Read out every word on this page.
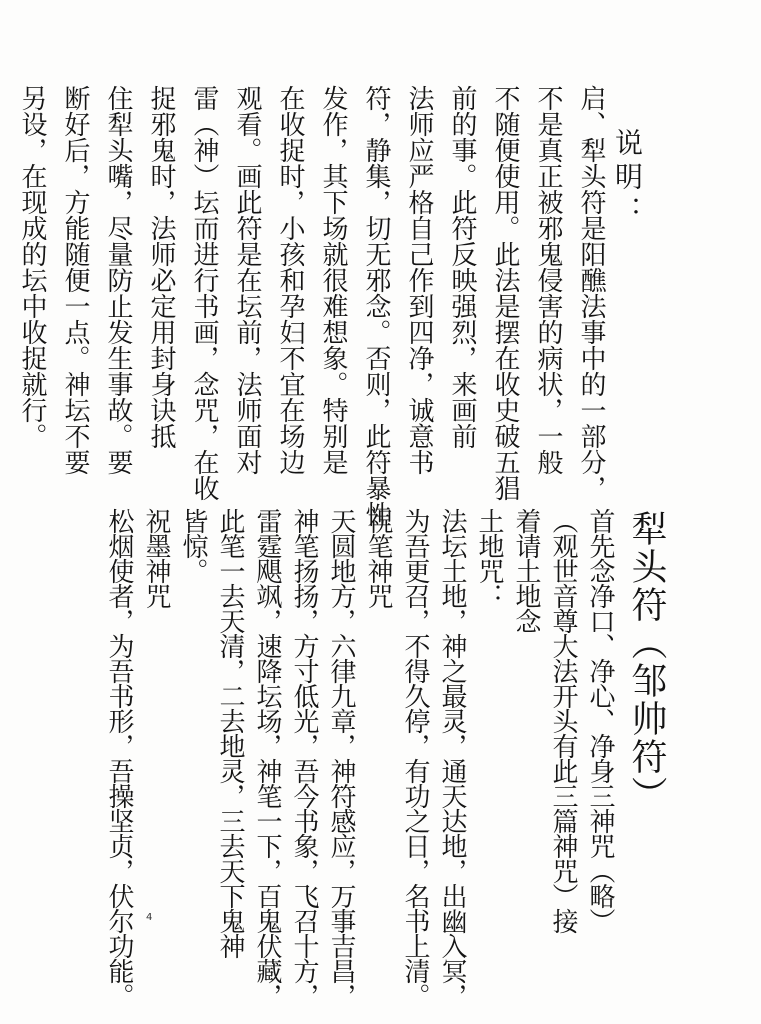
说明：
启、犁头符是阳醮法事中的一部分，
不是真正被邪鬼侵害的病状，一般
不随便使用。此法是摆在收史破五猖
前的事。此符反映强烈，来画前
法师应严格自己作到四净，诚意书
符，静集，切无邪念。否则，此符暴性
发作，其下场就很难想象。特别是
在收捉时，小孩和孕妇不宜在场边
观看。画此符是在坛前，法师面对
雷（神）坛而进行书画，念咒，在收
捉邪鬼时，法师必定用封身诀抵
住犁头嘴，尽量防止发生事故。要
断好后，方能随便一点。神坛不要
另设，在现成的坛中收捉就行。
犁头符（邹帅符）
首先念净口、净心、净身三神咒（略）
（观世音尊大法开头有此三篇神咒）接
着请土地念
土地咒：
法坛土地，神之最灵，通天达地，出幽入冥，
为吾更召，不得久停，有功之日，名书上清。
祝笔神咒
天圆地方，六律九章，神符感应，万事吉昌，
神笔扬扬，方寸低光，吾今书象，飞召十方，
雷霆飓飒，速降坛场，神笔一下，百鬼伏藏，
此笔一去天清，二去地灵，三去天下鬼神
皆惊。
祝墨神咒
松烟使者，为吾书形，吾操坚贞，伏尔功能。	4
